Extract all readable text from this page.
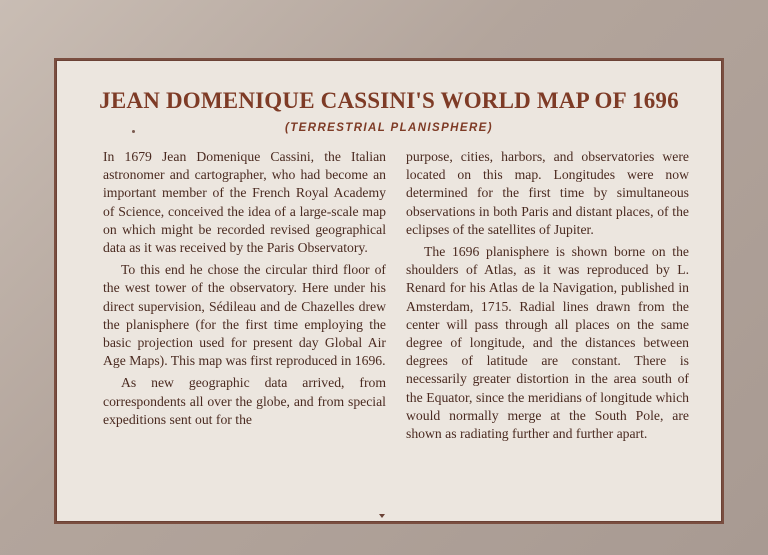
JEAN DOMENIQUE CASSINI'S WORLD MAP OF 1696
(TERRESTRIAL PLANISPHERE)

In 1679 Jean Domenique Cassini, the Italian astronomer and cartographer, who had become an important member of the French Royal Academy of Science, conceived the idea of a large-scale map on which might be recorded revised geographical data as it was received by the Paris Observatory.

To this end he chose the circular third floor of the west tower of the observatory. Here under his direct supervision, Sédileau and de Chazelles drew the planisphere (for the first time employing the basic projection used for present day Global Air Age Maps). This map was first reproduced in 1696.

As new geographic data arrived, from correspondents all over the globe, and from special expeditions sent out for the

purpose, cities, harbors, and observatories were located on this map. Longitudes were now determined for the first time by simultaneous observations in both Paris and distant places, of the eclipses of the satellites of Jupiter.

The 1696 planisphere is shown borne on the shoulders of Atlas, as it was reproduced by L. Renard for his Atlas de la Navigation, published in Amsterdam, 1715. Radial lines drawn from the center will pass through all places on the same degree of longitude, and the distances between degrees of latitude are constant. There is necessarily greater distortion in the area south of the Equator, since the meridians of longitude which would normally merge at the South Pole, are shown as radiating further and further apart.
